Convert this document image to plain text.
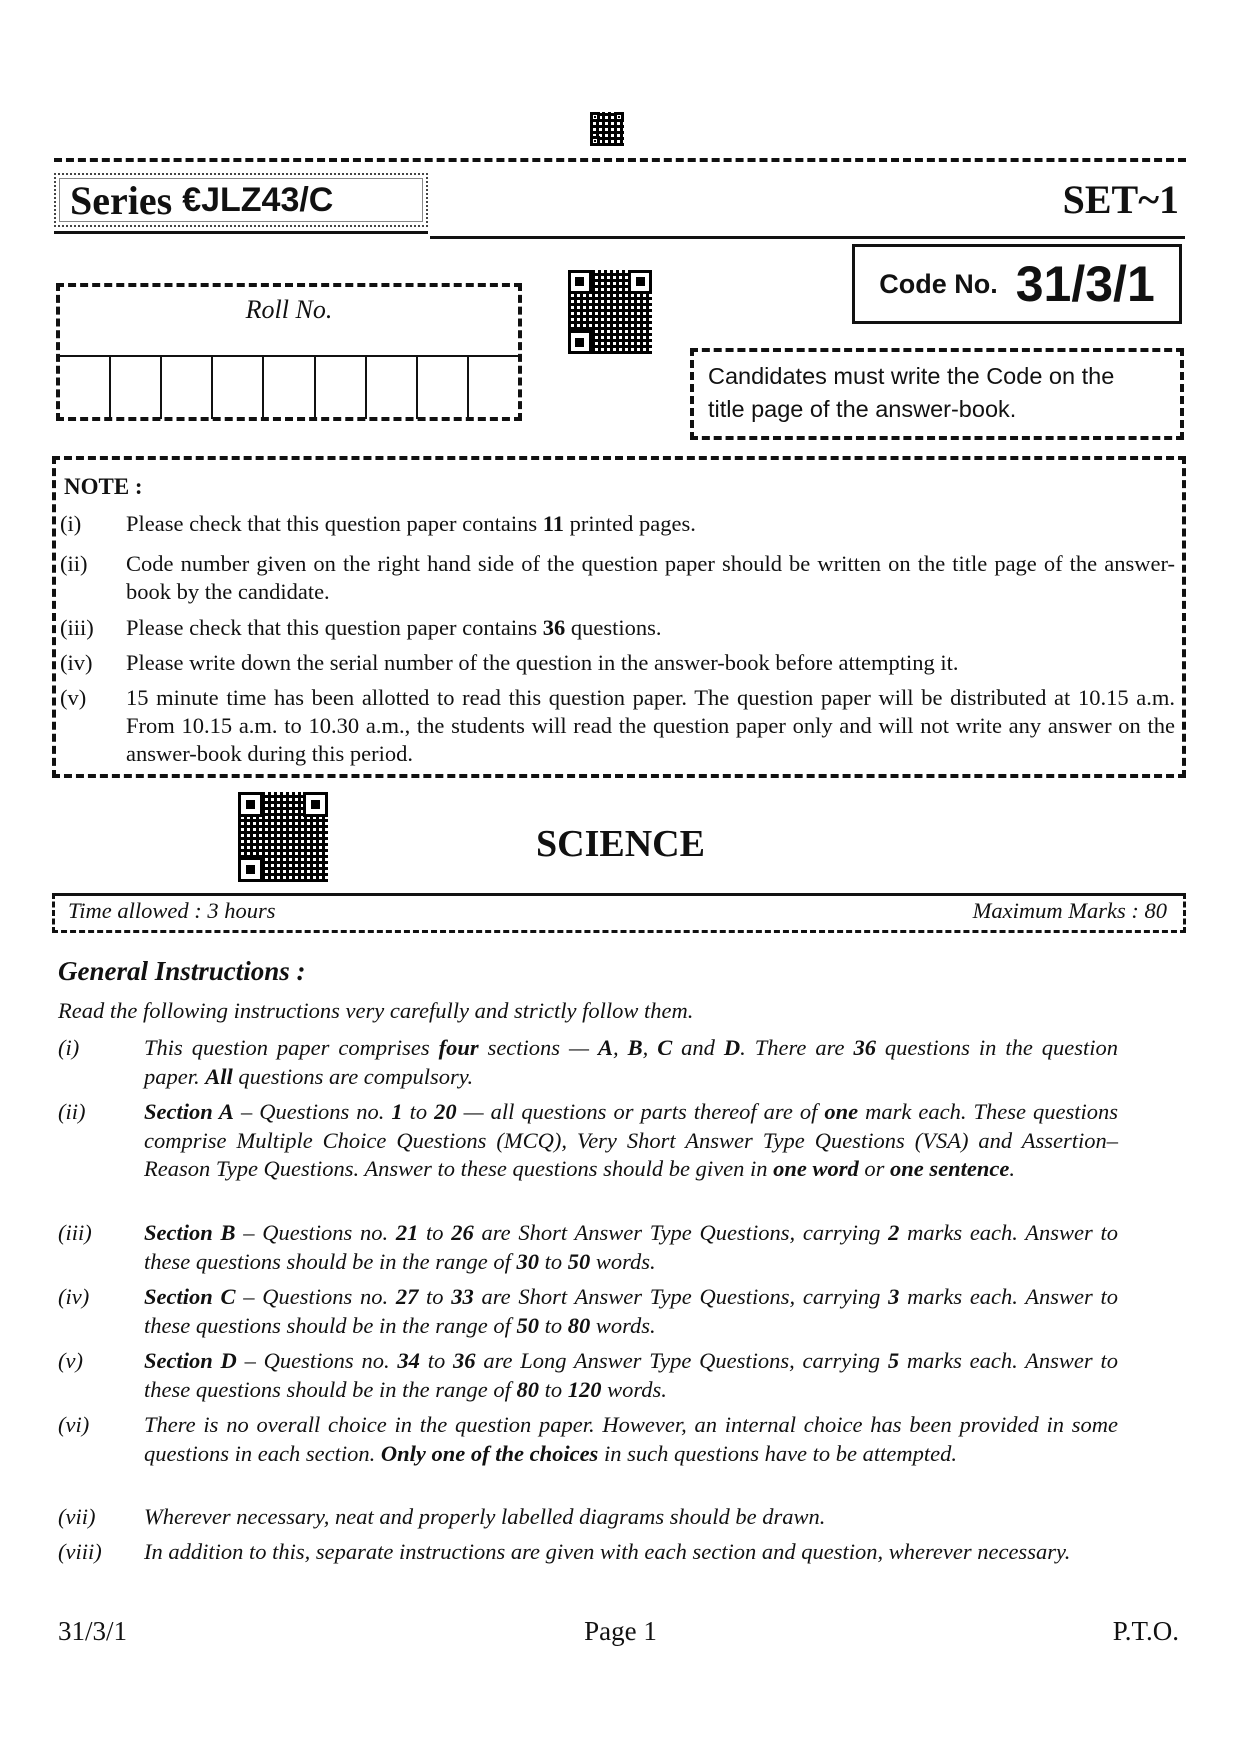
Series €JLZ43/C	SET~1
Roll No.
Code No. 31/3/1
Candidates must write the Code on the
title page of the answer-book.
NOTE :
(i) Please check that this question paper contains 11 printed pages.
(ii) Code number given on the right hand side of the question paper should be written on the title page of the answer-book by the candidate.
(iii) Please check that this question paper contains 36 questions.
(iv) Please write down the serial number of the question in the answer-book before attempting it.
(v) 15 minute time has been allotted to read this question paper. The question paper will be distributed at 10.15 a.m. From 10.15 a.m. to 10.30 a.m., the students will read the question paper only and will not write any answer on the answer-book during this period.
SCIENCE
Time allowed : 3 hours	Maximum Marks : 80
General Instructions :
Read the following instructions very carefully and strictly follow them.
(i)	This question paper comprises four sections — A, B, C and D. There are 36 questions in the question paper. All questions are compulsory.
(ii)	Section A – Questions no. 1 to 20 — all questions or parts thereof are of one mark each. These questions comprise Multiple Choice Questions (MCQ), Very Short Answer Type Questions (VSA) and Assertion–Reason Type Questions. Answer to these questions should be given in one word or one sentence.
(iii) Section B – Questions no. 21 to 26 are Short Answer Type Questions, carrying 2 marks each. Answer to these questions should be in the range of 30 to 50 words.
(iv) Section C – Questions no. 27 to 33 are Short Answer Type Questions, carrying 3 marks each. Answer to these questions should be in the range of 50 to 80 words.
(v)	Section D – Questions no. 34 to 36 are Long Answer Type Questions, carrying 5 marks each. Answer to these questions should be in the range of 80 to 120 words.
(vi) There is no overall choice in the question paper. However, an internal choice has been provided in some questions in each section. Only one of the choices in such questions have to be attempted.
(vii) Wherever necessary, neat and properly labelled diagrams should be drawn.
(viii) In addition to this, separate instructions are given with each section and question, wherever necessary.
31/3/1	Page 1	P.T.O.
